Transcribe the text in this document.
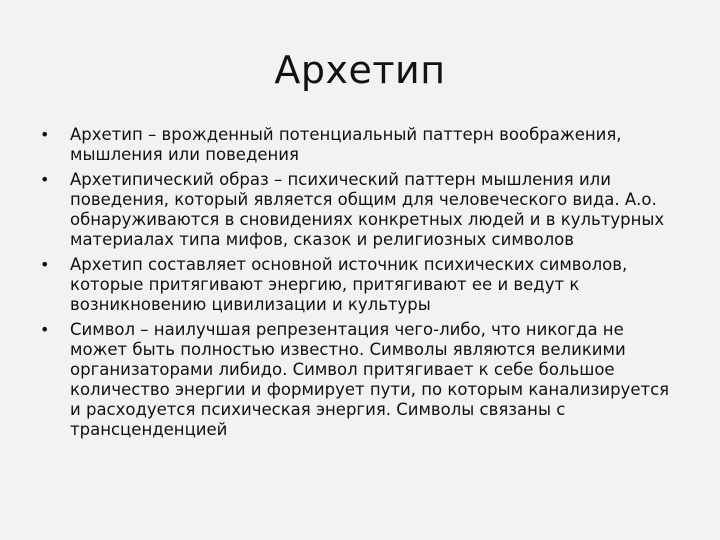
Архетип
•	Архетип – врожденный потенциальный паттерн воображения, мышления или поведения
•	Архетипический образ – психический паттерн мышления или поведения, который является общим для человеческого вида. А.о. обнаруживаются в сновидениях конкретных людей и в культурных материалах типа мифов, сказок и религиозных символов
•	Архетип составляет основной источник психических символов, которые притягивают энергию, притягивают ее и ведут к возникновению цивилизации и культуры
•	Символ – наилучшая репрезентация чего-либо, что никогда не может быть полностью известно. Символы являются великими организаторами либидо. Символ притягивает к себе большое количество энергии и формирует пути, по которым канализируется и расходуется психическая энергия. Символы связаны с трансценденцией
